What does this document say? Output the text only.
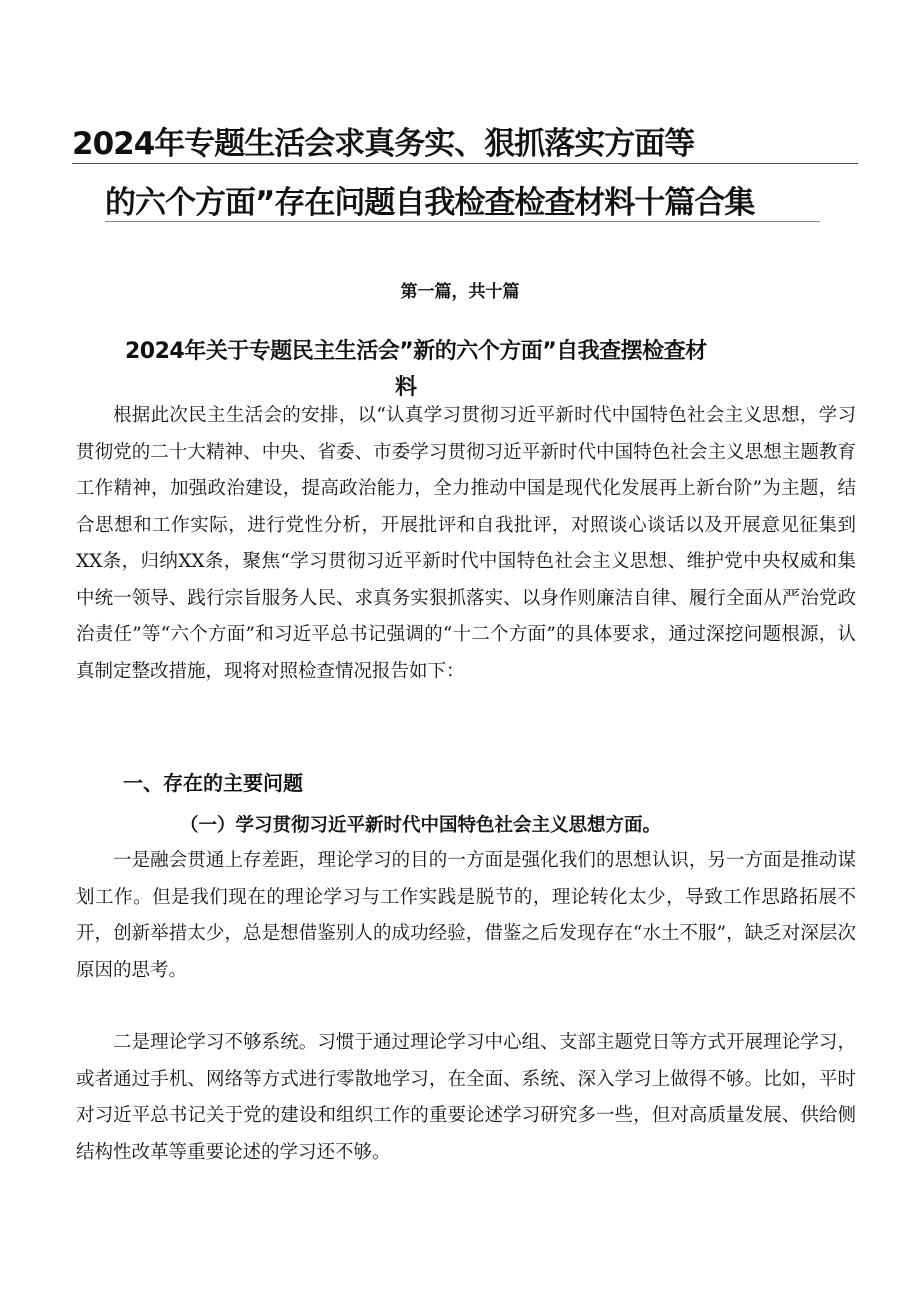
2024年专题生活会求真务实、狠抓落实方面等
的六个方面”存在问题自我检查检查材料十篇合集
第一篇，共十篇
2024年关于专题民主生活会”新的六个方面”自我查摆检查材
料

根据此次民主生活会的安排，以“认真学习贯彻习近平新时代中国特色社会主义思想，学习贯彻党的二十大精神、中央、省委、市委学习贯彻习近平新时代中国特色社会主义思想主题教育工作精神，加强政治建设，提高政治能力，全力推动中国是现代化发展再上新台阶”为主题，结合思想和工作实际，进行党性分析，开展批评和自我批评，对照谈心谈话以及开展意见征集到XX条，归纳XX条，聚焦“学习贯彻习近平新时代中国特色社会主义思想、维护党中央权威和集中统一领导、践行宗旨服务人民、求真务实狠抓落实、以身作则廉洁自律、履行全面从严治党政治责任”等“六个方面”和习近平总书记强调的“十二个方面”的具体要求，通过深挖问题根源，认真制定整改措施，现将对照检查情况报告如下：

一、存在的主要问题
（一）学习贯彻习近平新时代中国特色社会主义思想方面。

一是融会贯通上存差距，理论学习的目的一方面是强化我们的思想认识，另一方面是推动谋划工作。但是我们现在的理论学习与工作实践是脱节的，理论转化太少，导致工作思路拓展不开，创新举措太少，总是想借鉴别人的成功经验，借鉴之后发现存在“水土不服”，缺乏对深层次原因的思考。

二是理论学习不够系统。习惯于通过理论学习中心组、支部主题党日等方式开展理论学习，或者通过手机、网络等方式进行零散地学习，在全面、系统、深入学习上做得不够。比如，平时对习近平总书记关于党的建设和组织工作的重要论述学习研究多一些，但对高质量发展、供给侧结构性改革等重要论述的学习还不够。
